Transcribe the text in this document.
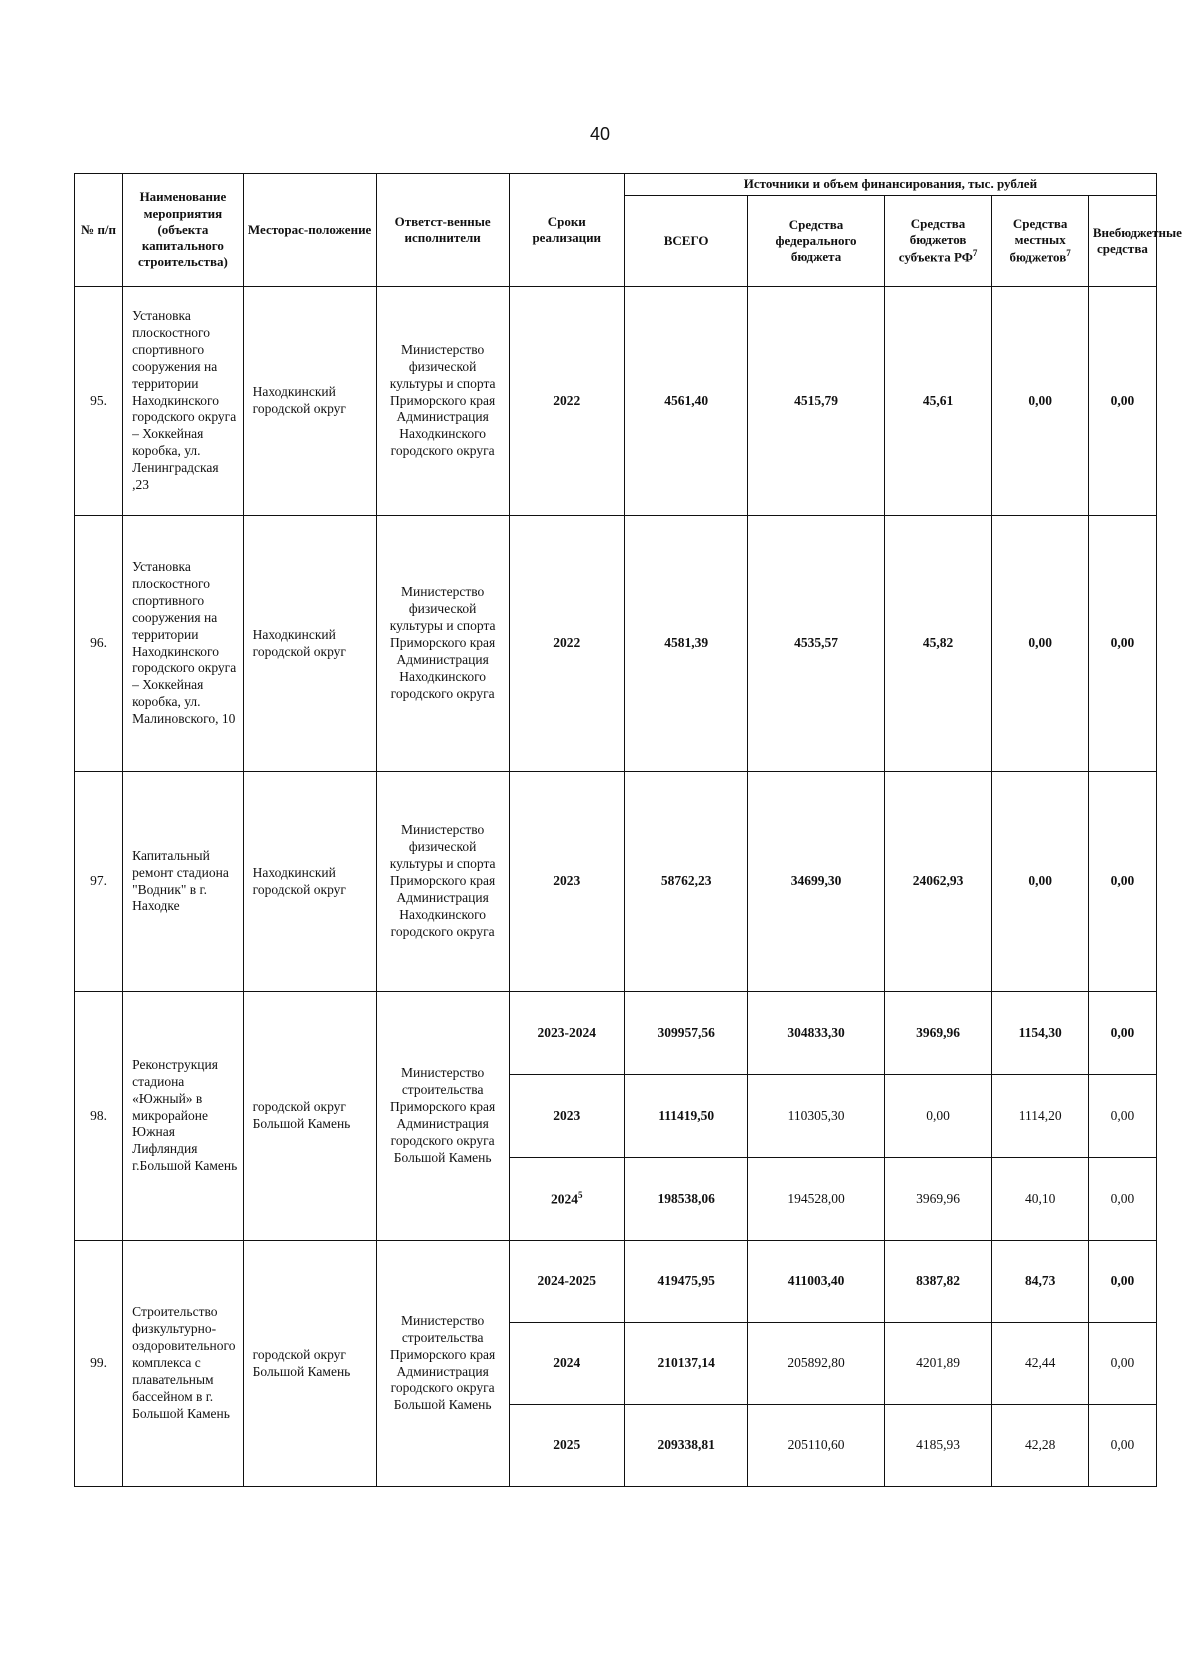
40
№ п/п	Наименование мероприятия (объекта капитального строительства)	Месторас-положение	Ответст-венные исполнители	Сроки реализации	Источники и объем финансирования, тыс. рублей				
					ВСЕГО	Средства федерального бюджета	Средства бюджетов субъекта $РФ^7$	Средства местных бюджетов$^7$	Внебюджетные средства
95.	Установка плоскостного спортивного сооружения на территории Находкинского городского округа – Хоккейная коробка, ул. Ленинградская ,23	Находкинский городской округ	Министерство физической культуры и спорта Приморского края Администрация Находкинского городского округа	2022	4561,40	4515,79	45,61	0,00	0,00
96.	Установка плоскостного спортивного сооружения на территории Находкинского городского округа – Хоккейная коробка, ул. Малиновского, 10	Находкинский городской округ	Министерство физической культуры и спорта Приморского края Администрация Находкинского городского округа	2022	4581,39	4535,57	45,82	0,00	0,00
97.	Капитальный ремонт стадиона "Водник" в г. Находке	Находкинский городской округ	Министерство физической культуры и спорта Приморского края Администрация Находкинского городского округа	2023	58762,23	34699,30	24062,93	0,00	0,00
98.	Реконструкция стадиона «Южный» в микрорайоне Южная Лифляндия г.Большой Камень	городской округ Большой Камень	Министерство строительства Приморского края Администрация городского округа Большой Камень	2023-2024	309957,56	304833,30	3969,96	1154,30	0,00
				2023	111419,50	110305,30	0,00	1114,20	0,00
				2024$^5$	198538,06	194528,00	3969,96	40,10	0,00
99.	Строительство физкультурно-оздоровительного комплекса с плавательным бассейном в г. Большой Камень	городской округ Большой Камень	Министерство строительства Приморского края Администрация городского округа Большой Камень	2024-2025	419475,95	411003,40	8387,82	84,73	0,00
				2024	210137,14	205892,80	4201,89	42,44	0,00
				2025	209338,81	205110,60	4185,93	42,28	0,00
